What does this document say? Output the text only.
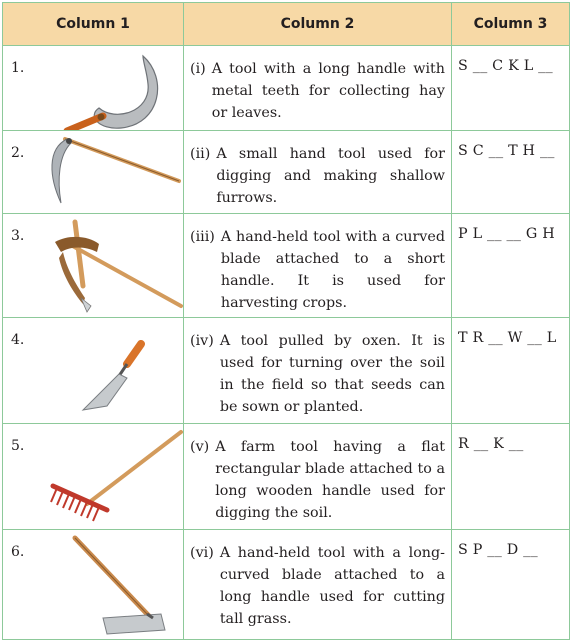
Column 1	Column 2	Column 3

1.	(i) A tool with a long handle with metal teeth for collecting hay or leaves.	S __ C K L __

2.	(ii) A small hand tool used for digging and making shallow furrows.	S C __ T H __

3.	(iii) A hand-held tool with a curved blade attached to a short handle. It is used for harvesting crops.	P L __ __ G H

4.	(iv) A tool pulled by oxen. It is used for turning over the soil in the field so that seeds can be sown or planted.	T R __ W __ L

5.	(v) A farm tool having a flat rectangular blade attached to a long wooden handle used for digging the soil.	R __ K __

6.	(vi) A hand-held tool with a long-curved blade attached to a long handle used for cutting tall grass.	S P __ D __
